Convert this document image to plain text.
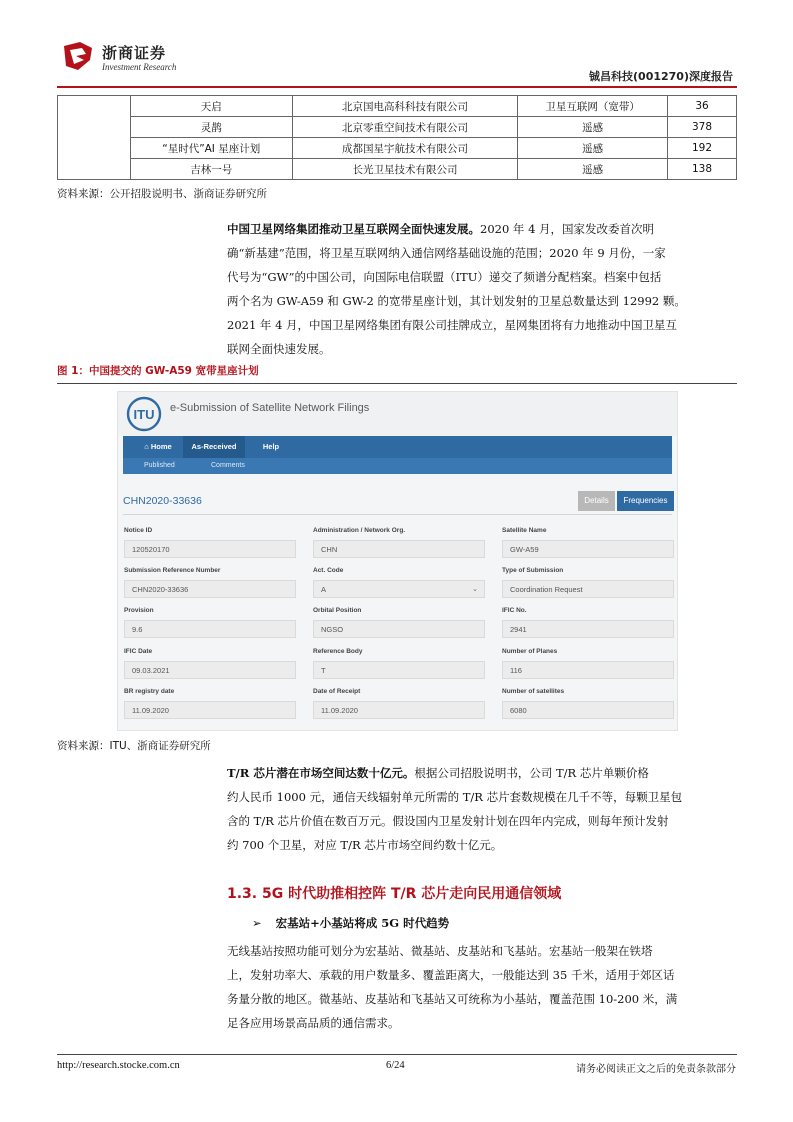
浙商证券
Investment Research
铖昌科技(001270)深度报告
	天启	北京国电高科科技有限公司	卫星互联网（宽带）	36
	灵鹊	北京零重空间技术有限公司	遥感	378
	“星时代”AI 星座计划	成都国星宇航技术有限公司	遥感	192
	吉林一号	长光卫星技术有限公司	遥感	138
资料来源：公开招股说明书、浙商证券研究所
中国卫星网络集团推动卫星互联网全面快速发展。2020 年 4 月，国家发改委首次明
确“新基建”范围，将卫星互联网纳入通信网络基础设施的范围；2020 年 9 月份，一家
代号为“GW”的中国公司，向国际电信联盟（ITU）递交了频谱分配档案。档案中包括
两个名为 GW-A59 和 GW-2 的宽带星座计划，其计划发射的卫星总数量达到 12992 颗。
2021 年 4 月，中国卫星网络集团有限公司挂牌成立，星网集团将有力地推动中国卫星互
联网全面快速发展。
图 1：中国提交的 GW-A59 宽带星座计划
ITU e-Submission of Satellite Network Filings
⌂ Home	As-Received	Help
Published	Comments
CHN2020-33636	Details	Frequencies
Notice ID
120520170
Administration / Network Org.
CHN
Satellite Name
GW-A59
Submission Reference Number
CHN2020-33636
Act. Code
A	⌄
Type of Submission
Coordination Request
Provision
9.6
Orbital Position
NGSO
IFIC No.
2941
IFIC Date
09.03.2021
Reference Body
T
Number of Planes
116
BR registry date
11.09.2020
Date of Receipt
11.09.2020
Number of satellites
6080
资料来源：ITU、浙商证券研究所
T/R 芯片潜在市场空间达数十亿元。根据公司招股说明书，公司 T/R 芯片单颗价格
约人民币 1000 元，通信天线辐射单元所需的 T/R 芯片套数规模在几千不等，每颗卫星包
含的 T/R 芯片价值在数百万元。假设国内卫星发射计划在四年内完成，则每年预计发射
约 700 个卫星，对应 T/R 芯片市场空间约数十亿元。
1.3. 5G 时代助推相控阵 T/R 芯片走向民用通信领域
➢ 宏基站+小基站将成 5G 时代趋势
无线基站按照功能可划分为宏基站、微基站、皮基站和飞基站。宏基站一般架在铁塔
上，发射功率大、承载的用户数量多、覆盖距离大，一般能达到 35 千米，适用于郊区话
务量分散的地区。微基站、皮基站和飞基站又可统称为小基站，覆盖范围 10-200 米，满
足各应用场景高品质的通信需求。
http://research.stocke.com.cn	6/24	请务必阅读正文之后的免责条款部分
